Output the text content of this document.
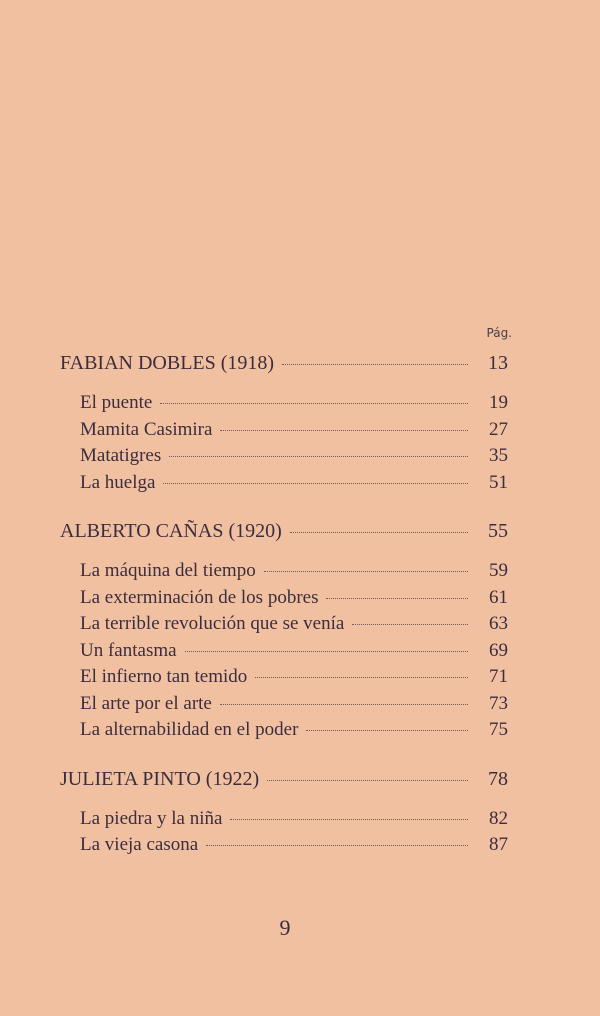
Pág.
FABIAN DOBLES (1918)	13
El puente	19
Mamita Casimira	27
Matatigres	35
La huelga	51
ALBERTO CAÑAS (1920)	55
La máquina del tiempo	59
La exterminación de los pobres	61
La terrible revolución que se venía	63
Un fantasma	69
El infierno tan temido	71
El arte por el arte	73
La alternabilidad en el poder	75
JULIETA PINTO (1922)	78
La piedra y la niña	82
La vieja casona	87
9
